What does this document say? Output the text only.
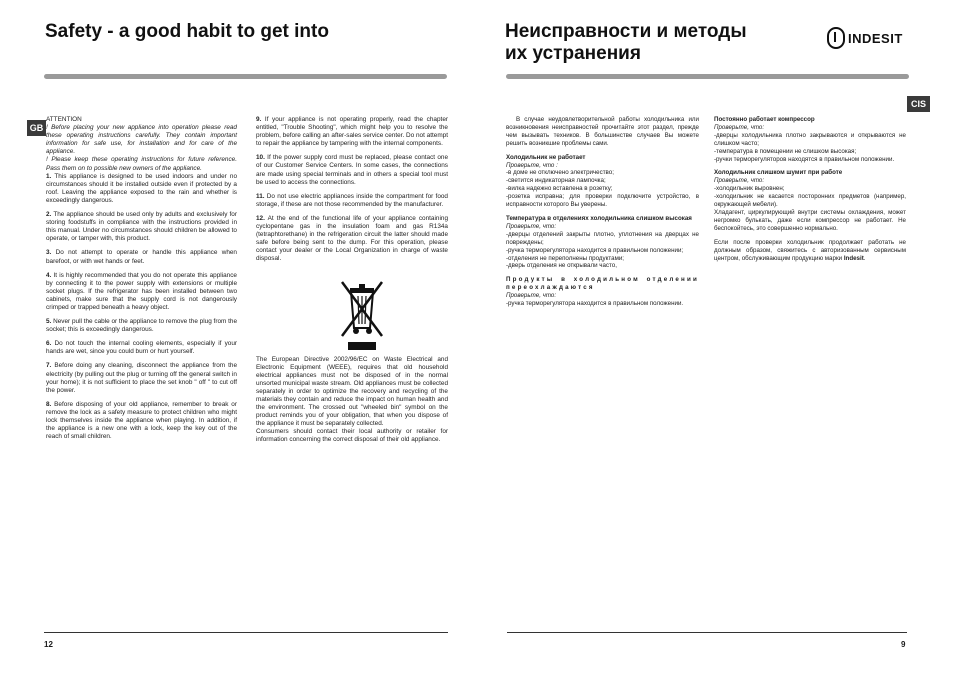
Safety - a good habit to get into
GB
ATTENTION
! Before placing your new appliance into operation please read these operating instructions carefully. They contain important information for safe use, for installation and for care of the appliance.

! Please keep these operating instructions for future reference. Pass them on to possible new owners of the appliance.

1. This appliance is designed to be used indoors and under no circumstances should it be installed outside even if protected by a roof. Leaving the appliance exposed to the rain and whether is exceedingly dangerous.

2. The appliance should be used only by adults and exclusively for storing foodstuffs in compliance with the instructions provided in this manual. Under no circumstances should children be allowed to operate, or tamper with, this product.

3. Do not attempt to operate or handle this appliance when barefoot, or with wet hands or feet.

4. It is highly recommended that you do not operate this appliance by connecting it to the power supply with extensions or multiple socket plugs. If the refrigerator has been installed between two cabinets, make sure that the supply cord is not dangerously crimped or trapped beneath a heavy object.

5. Never pull the cable or the appliance to remove the plug from the socket; this is exceedingly dangerous.

6. Do not touch the internal cooling elements, especially if your hands are wet, since you could burn or hurt yourself.

7. Before doing any cleaning, disconnect the appliance from the electricity (by pulling out the plug or turning off the general switch in your home); it is not sufficient to place the set knob " off " to cut off the power.

8. Before disposing of your old appliance, remember to break or remove the lock as a safety measure to protect children who might lock themselves inside the appliance when playing. In addition, if the appliance is a new one with a lock, keep the key out of the reach of small children.

9. If your appliance is not operating properly, read the chapter entitled, "Trouble Shooting", which might help you to resolve the problem, before calling an after-sales service center. Do not attempt to repair the appliance by tampering with the internal components.

10. If the power supply cord must be replaced, please contact one of our Customer Service Centers. In some cases, the connections are made using special terminals and in others a special tool must be used to access the connections.

11. Do not use electric appliances inside the compartment for food storage, if these are not those recommended by the manufacturer.

12. At the end of the functional life of your appliance containing cyclopentane gas in the insulation foam and gas R134a (tetraphtorethane) in the refrigeration circuit the latter should made safe before being sent to the dump. For this operation, please contact your dealer or the Local Organization in charge of waste disposal.

The European Directive 2002/96/EC on Waste Electrical and Electronic Equipment (WEEE), requires that old household electrical appliances must not be disposed of in the normal unsorted municipal waste stream. Old appliances must be collected separately in order to optimize the recovery and recycling of the materials they contain and reduce the impact on human health and the environment. The crossed out "wheeled bin" symbol on the product reminds you of your obligation, that when you dispose of the appliance it must be separately collected.
Consumers should contact their local authority or retailer for information concerning the correct disposal of their old appliance.
12
Неисправности и методы
их устранения
INDESIT
CIS

В случае неудовлетворительной работы холодильника или возникновения неисправностей прочитайте этот раздел, прежде чем вызывать техников. В большинстве случаев Вы можете решить возникшие проблемы сами.

Холодильник не работает
Проверьте, что :
-в доме не отключено электричество;
-светится индикаторная лампочка;
-вилка надежно вставлена в розетку;
-розетка исправна; для проверки подключите устройство, в исправности которого Вы уверены.
Температура в отделениях холодильника слишком высокая
Проверьте, что:
-дверцы отделений закрыты плотно, уплотнения на дверцах не повреждены;
-ручка терморегулятора находится в правильном положении;
-отделения не переполнены продуктами;
-дверь отделения не открывали часто,
Продукты в холодильном отделении переохлаждаются
Проверьте, что:
-ручка терморегулятора находится в правильном положении.
Постоянно работает компрессор
Проверьте, что:
-дверцы холодильника плотно закрываются и открываются не слишком часто;
-температура в помещении не слишком высокая;
-ручки терморегуляторов находятся в правильном положении.
Холодильник слишком шумит при работе
Проверьте, что:
-холодильник выровнен;
-холодильник не касается посторонних предметов (например, окружающей мебели).
Хладагент, циркулирующий внутри системы охлаждения, может негромко булькать, даже если компрессор не работает. Не беспокойтесь, это совершенно нормально.
Если после проверки холодильник продолжает работать не должным образом, свяжитесь с авторизованным сервисным центром, обслуживающим продукцию марки Indesit.
9
